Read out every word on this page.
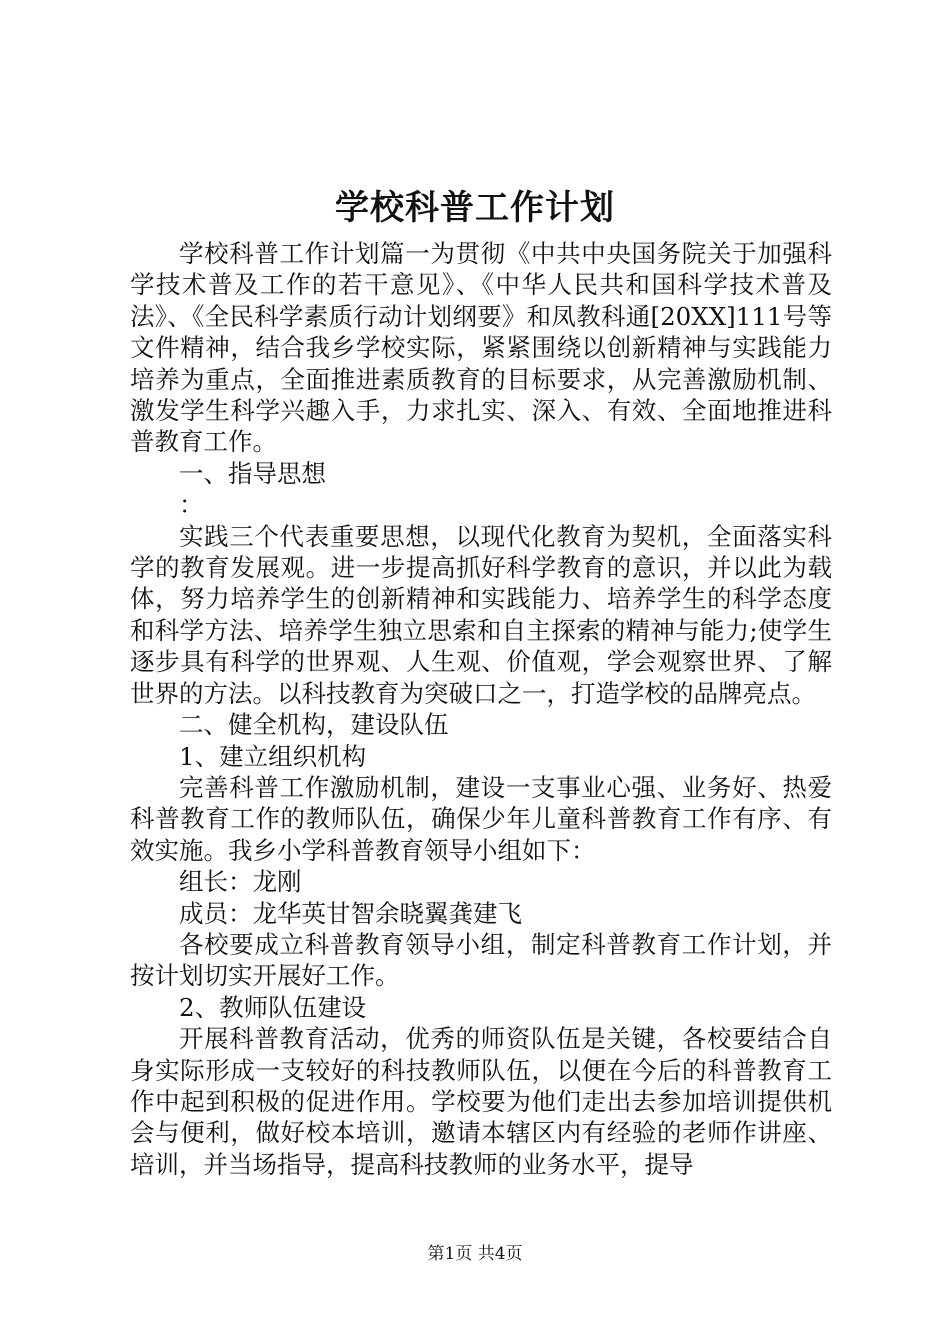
学校科普工作计划

学校科普工作计划篇一为贯彻《中共中央国务院关于加强科学技术普及工作的若干意见》、《中华人民共和国科学技术普及法》、《全民科学素质行动计划纲要》和凤教科通[20XX]111号等文件精神，结合我乡学校实际，紧紧围绕以创新精神与实践能力培养为重点，全面推进素质教育的目标要求，从完善激励机制、激发学生科学兴趣入手，力求扎实、深入、有效、全面地推进科普教育工作。

一、指导思想

：

实践三个代表重要思想，以现代化教育为契机，全面落实科学的教育发展观。进一步提高抓好科学教育的意识，并以此为载体，努力培养学生的创新精神和实践能力、培养学生的科学态度和科学方法、培养学生独立思索和自主探索的精神与能力;使学生逐步具有科学的世界观、人生观、价值观，学会观察世界、了解世界的方法。以科技教育为突破口之一，打造学校的品牌亮点。

二、健全机构，建设队伍

1、建立组织机构

完善科普工作激励机制，建设一支事业心强、业务好、热爱科普教育工作的教师队伍，确保少年儿童科普教育工作有序、有效实施。我乡小学科普教育领导小组如下：

组长：龙刚

成员：龙华英甘智余晓翼龚建飞

各校要成立科普教育领导小组，制定科普教育工作计划，并按计划切实开展好工作。

2、教师队伍建设

开展科普教育活动，优秀的师资队伍是关键，各校要结合自身实际形成一支较好的科技教师队伍，以便在今后的科普教育工作中起到积极的促进作用。学校要为他们走出去参加培训提供机会与便利，做好校本培训，邀请本辖区内有经验的老师作讲座、培训，并当场指导，提高科技教师的业务水平，提导

第1页 共4页
